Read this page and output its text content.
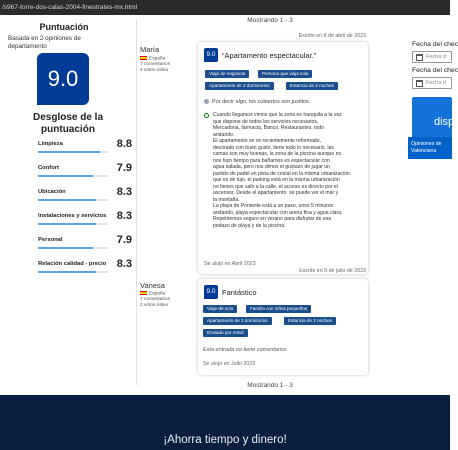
/s967-torre-dos-calas-2004-finestrates-mx.html
Puntuación
Basada en 2 opiniones de departamento
9.0
Desglose de la puntuación
Limpieza	8.8
Confort	7.9
Ubicación	8.3
Instalaciones y servicios 8.3
Personal	7.9
Relación calidad - precio 8.3
Mostrando 1 - 3
María
España
7 comentarios
4 votos útiles
Escrito en 8 de abril de 2023
9.0 “Apartamento espectacular.”
Viaje de negocios	Persona que viaja sola
Apartamento de 3 dormitorios	Estancia de 2 noches
Por decir algo, los cubiertos son justitos.
Cuando llegamos vimos que la zona es tranquila a la vez
que dispone de todos los servicios necesarios,
Mercadona, farmacia, Banco, Restaurantes, todo
andando.
El apartamento se ve recientemente reformado,
decorado con buen gusto, tiene todo lo necesario, las
camas son muy buenas, la zona de la piscina aunque no
nos hizo tiempo para bañarnos es espectacular con
agua salada, pero nos dimos el gustazo de jugar un
partido de padel en pista de cristal en la misma urbanización
que es de lujo, el parking está en la misma urbanización
no tienes que salir a la calle, el acceso es directo por el
ascensor. Desde el apartamento  se puede ver el mar y
la montaña.
La playa de Poniente está a un paso, unos 5 minutos
andando, playa espectacular con arena fina y agua clara.
Repetiremos seguro en verano para disfrutar de esa
pedazo de playa y de la piscina.
Se alojó en Abril 2023
Vanesa
España
7 comentarios
2 votos útiles
Escrito en 9 de julio de 2023
9.0 Fantástico
Viaje de ocio	Familia con niños pequeños
Apartamento de 3 dormitorios	Estancia de 2 noches
Enviado por móvil
Esta entrada no tiene comentarios
Se alojó en Julio 2023
Mostrando 1 - 3
Fecha del chec
Fecha d
Fecha del chec
Fecha d
disp
Opiniones de Valenciana
¡Ahorra tiempo y dinero!
